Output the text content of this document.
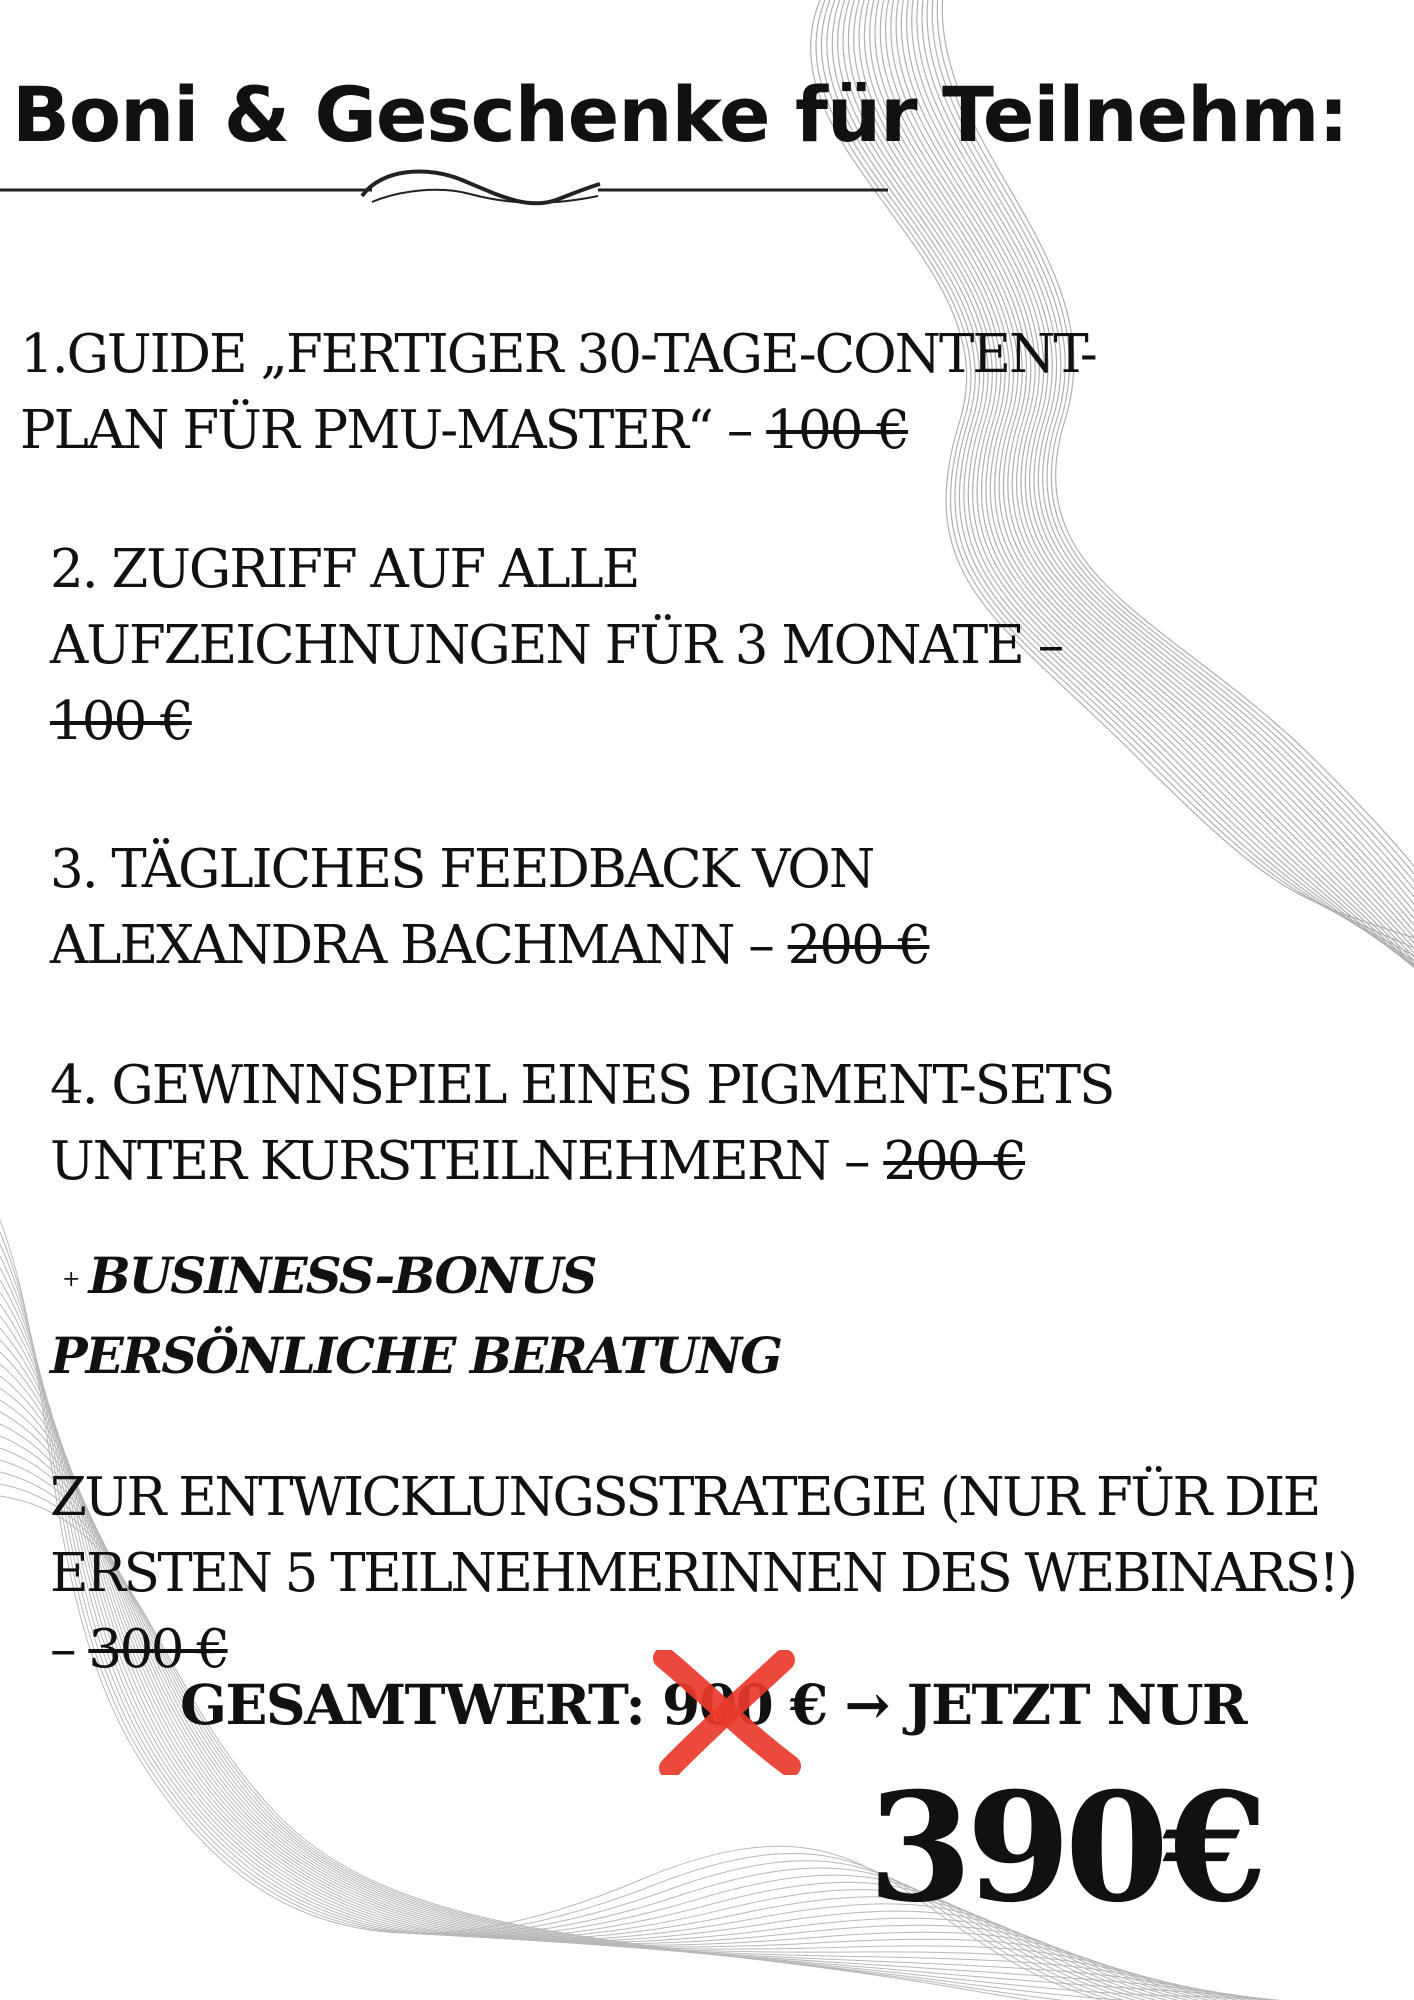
Boni & Geschenke für Teilnehm:
1.GUIDE „FERTIGER 30-TAGE-CONTENT-
PLAN FÜR PMU-MASTER“ – 100 €
2. ZUGRIFF AUF ALLE
AUFZEICHNUNGEN FÜR 3 MONATE –
100 €
3. TÄGLICHES FEEDBACK VON
ALEXANDRA BACHMANN – 200 €
4. GEWINNSPIEL EINES PIGMENT-SETS
UNTER KURSTEILNEHMERN – 200 €
+ BUSINESS-BONUS
PERSÖNLICHE BERATUNG
ZUR ENTWICKLUNGSSTRATEGIE (NUR FÜR DIE
ERSTEN 5 TEILNEHMERINNEN DES WEBINARS!)
– 300 €
GESAMTWERT: 900 €
→ JETZT NUR
390€
